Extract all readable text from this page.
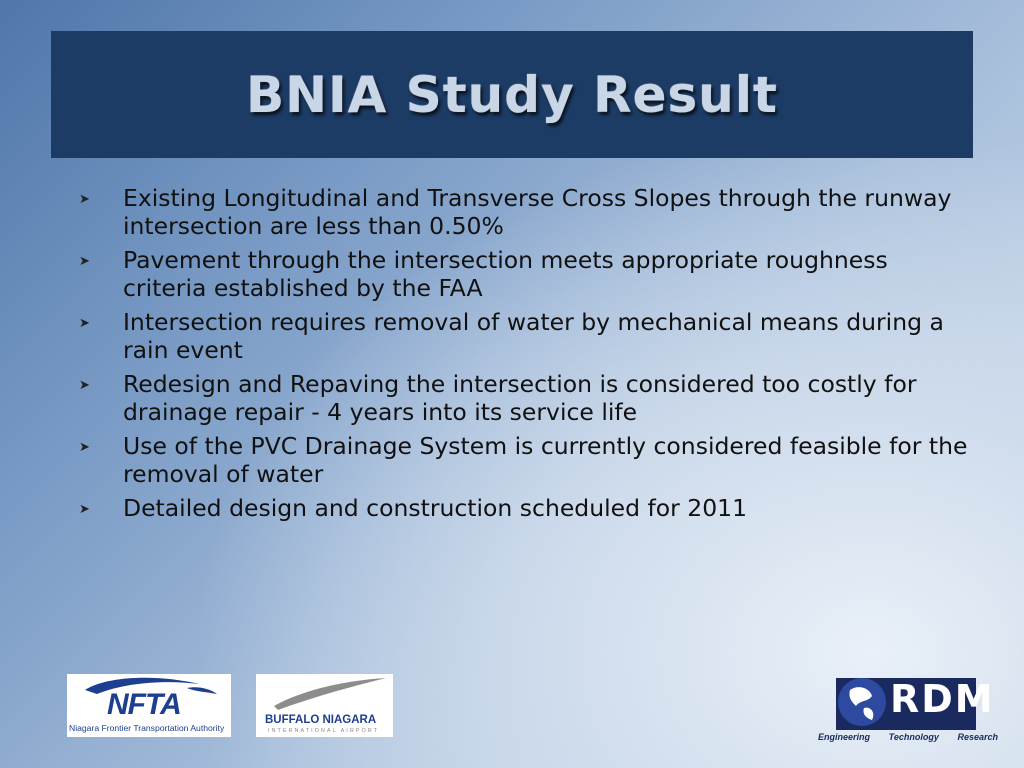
BNIA Study Result
➤ Existing Longitudinal and Transverse Cross Slopes through the runway intersection are less than 0.50%
➤ Pavement through the intersection meets appropriate roughness criteria established by the FAA
➤ Intersection requires removal of water by mechanical means during a rain event
➤ Redesign and Repaving the intersection is considered too costly for drainage repair - 4 years into its service life
➤ Use of the PVC Drainage System is currently considered feasible for the removal of water
➤ Detailed design and construction scheduled for 2011
NFTA
Niagara Frontier Transportation Authority
BUFFALO NIAGARA
INTERNATIONAL AIRPORT
RDM
Engineering Technology Research
